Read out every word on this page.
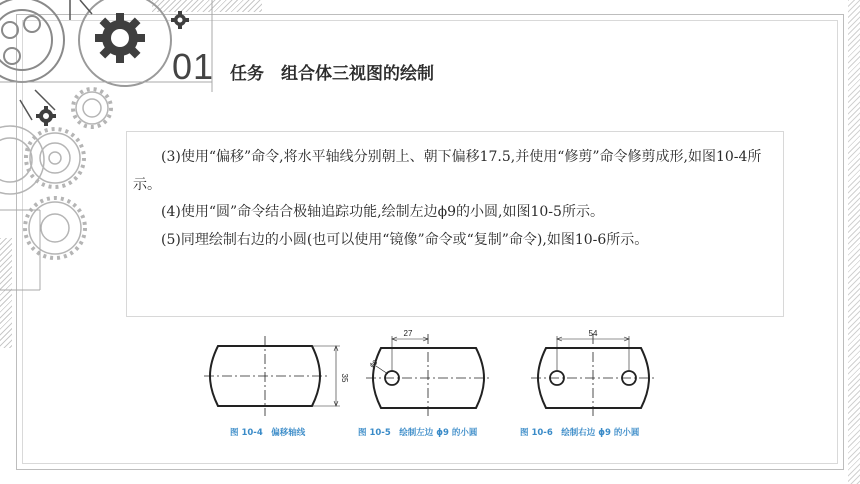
01 任务　组合体三视图的绘制

(3)使用“偏移”命令,将水平轴线分别朝上、朝下偏移17.5,并使用“修剪”命令修剪成形,如图10-4所示。

(4)使用“圆”命令结合极轴追踪功能,绘制左边ϕ9的小圆,如图10-5所示。

(5)同理绘制右边的小圆(也可以使用“镜像”命令或“复制”命令),如图10-6所示。

35
27
ϕ9
54
图 10-4　偏移轴线	图 10-5　绘制左边 ϕ9 的小圆	图 10-6　绘制右边 ϕ9 的小圆
